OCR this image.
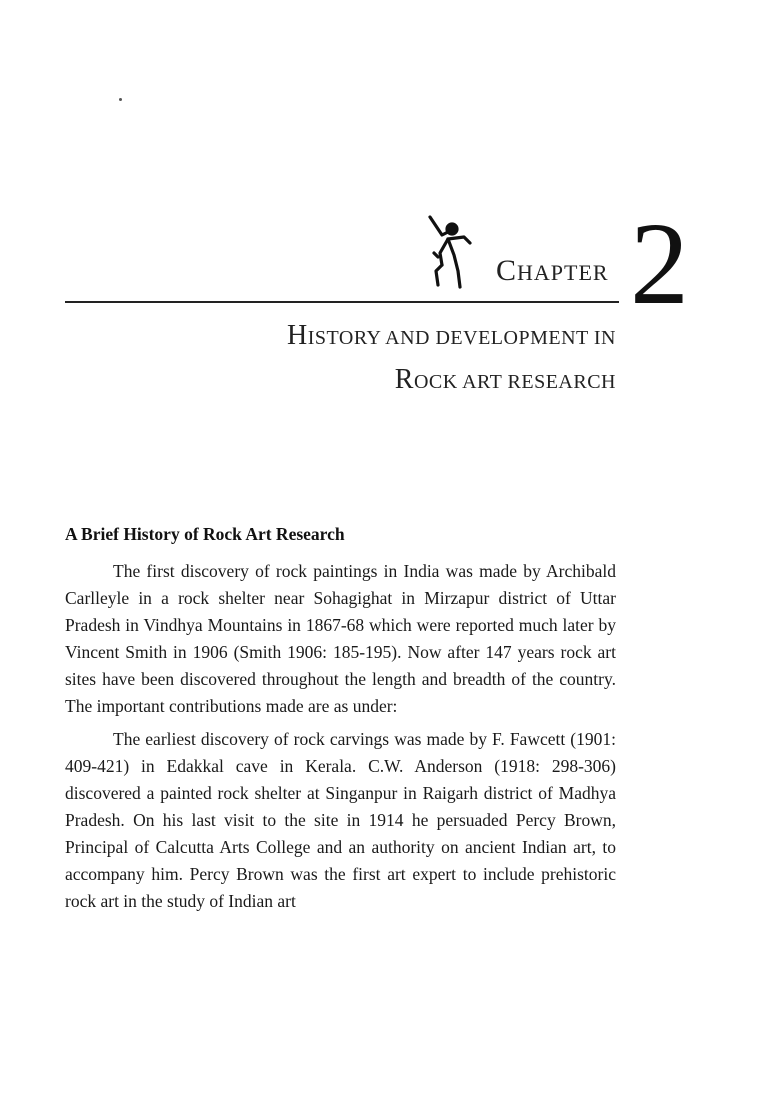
CHAPTER 2
HISTORY AND DEVELOPMENT IN
ROCK ART RESEARCH
A Brief History of Rock Art Research

The first discovery of rock paintings in India was made by Archibald Carlleyle in a rock shelter near Sohagighat in Mirzapur district of Uttar Pradesh in Vindhya Mountains in 1867-68 which were reported much later by Vincent Smith in 1906 (Smith 1906: 185-195). Now after 147 years rock art sites have been discovered throughout the length and breadth of the country. The important contributions made are as under:

The earliest discovery of rock carvings was made by F. Fawcett (1901: 409-421) in Edakkal cave in Kerala. C.W. Anderson (1918: 298-306) discovered a painted rock shelter at Singanpur in Raigarh district of Madhya Pradesh. On his last visit to the site in 1914 he persuaded Percy Brown, Principal of Calcutta Arts College and an authority on ancient Indian art, to accompany him. Percy Brown was the first art expert to include prehistoric rock art in the study of Indian art
